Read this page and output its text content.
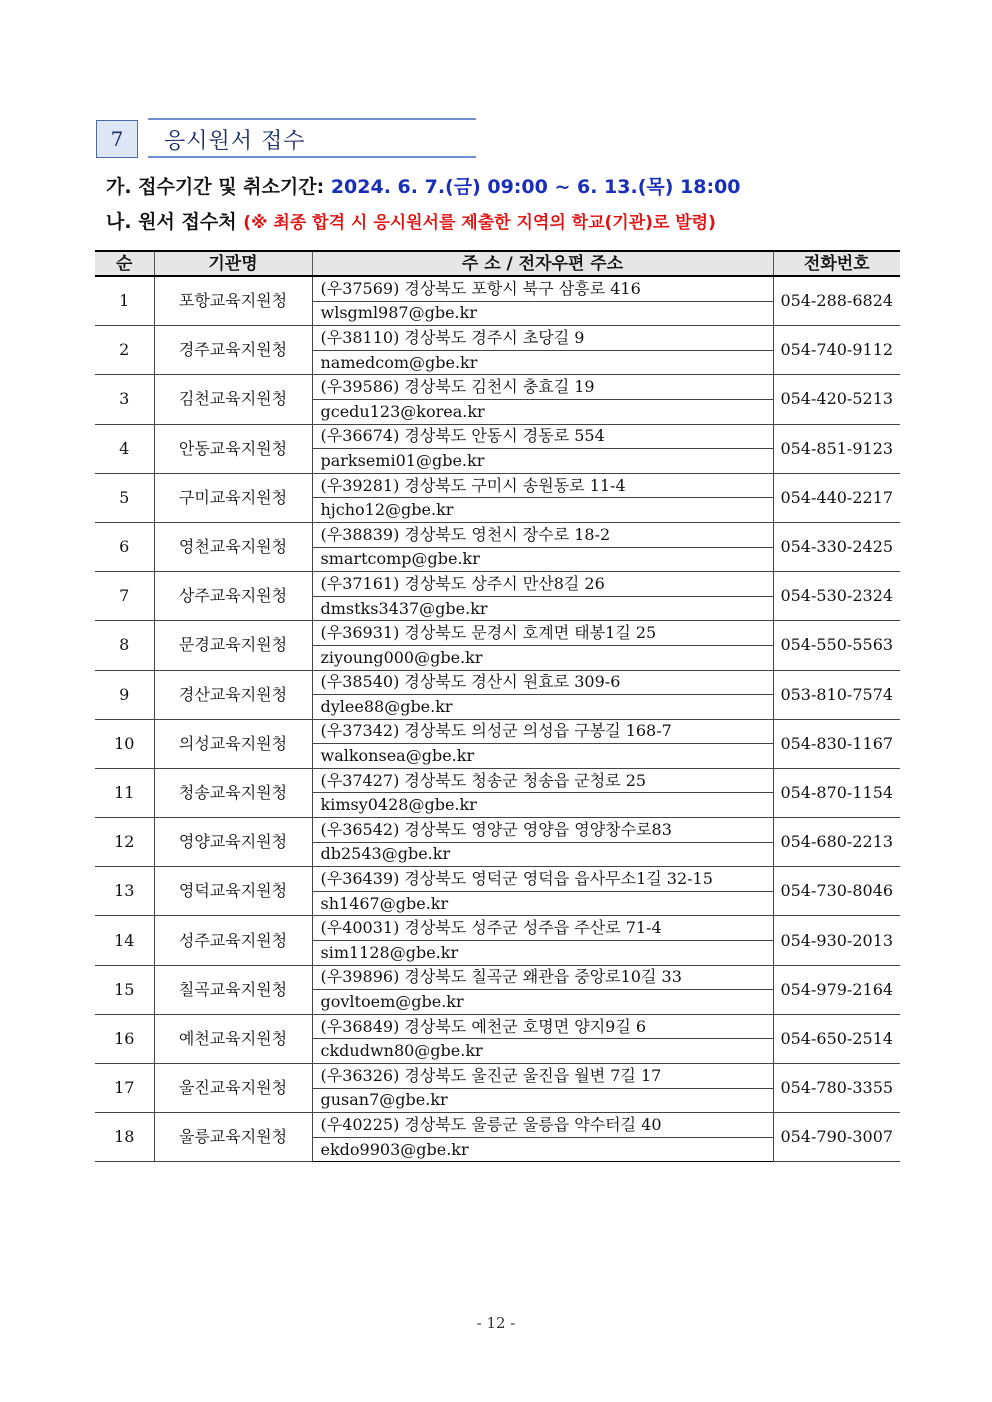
7	응시원서 접수
가. 접수기간 및 취소기간: 2024. 6. 7.(금) 09:00 ~ 6. 13.(목) 18:00
나. 원서 접수처 (※ 최종 합격 시 응시원서를 제출한 지역의 학교(기관)로 발령)
순	기관명	주 소 / 전자우편 주소	전화번호
1	포항교육지원청	(우37569) 경상북도 포항시 북구 삼흥로 416	054-288-6824
		wlsgml987@gbe.kr	
2	경주교육지원청	(우38110) 경상북도 경주시 초당길 9	054-740-9112
		namedcom@gbe.kr	
3	김천교육지원청	(우39586) 경상북도 김천시 충효길 19	054-420-5213
		gcedu123@korea.kr	
4	안동교육지원청	(우36674) 경상북도 안동시 경동로 554	054-851-9123
		parksemi01@gbe.kr	
5	구미교육지원청	(우39281) 경상북도 구미시 송원동로 11-4	054-440-2217
		hjcho12@gbe.kr	
6	영천교육지원청	(우38839) 경상북도 영천시 장수로 18-2	054-330-2425
		smartcomp@gbe.kr	
7	상주교육지원청	(우37161) 경상북도 상주시 만산8길 26	054-530-2324
		dmstks3437@gbe.kr	
8	문경교육지원청	(우36931) 경상북도 문경시 호계면 태봉1길 25	054-550-5563
		ziyoung000@gbe.kr	
9	경산교육지원청	(우38540) 경상북도 경산시 원효로 309-6	053-810-7574
		dylee88@gbe.kr	
10	의성교육지원청	(우37342) 경상북도 의성군 의성읍 구봉길 168-7	054-830-1167
		walkonsea@gbe.kr	
11	청송교육지원청	(우37427) 경상북도 청송군 청송읍 군청로 25	054-870-1154
		kimsy0428@gbe.kr	
12	영양교육지원청	(우36542) 경상북도 영양군 영양읍 영양창수로83	054-680-2213
		db2543@gbe.kr	
13	영덕교육지원청	(우36439) 경상북도 영덕군 영덕읍 읍사무소1길 32-15	054-730-8046
		sh1467@gbe.kr	
14	성주교육지원청	(우40031) 경상북도 성주군 성주읍 주산로 71-4	054-930-2013
		sim1128@gbe.kr	
15	칠곡교육지원청	(우39896) 경상북도 칠곡군 왜관읍 중앙로10길 33	054-979-2164
		govltoem@gbe.kr	
16	예천교육지원청	(우36849) 경상북도 예천군 호명면 양지9길 6	054-650-2514
		ckdudwn80@gbe.kr	
17	울진교육지원청	(우36326) 경상북도 울진군 울진읍 월변 7길 17	054-780-3355
		gusan7@gbe.kr	
18	울릉교육지원청	(우40225) 경상북도 울릉군 울릉읍 약수터길 40	054-790-3007
		ekdo9903@gbe.kr	
- 12 -
